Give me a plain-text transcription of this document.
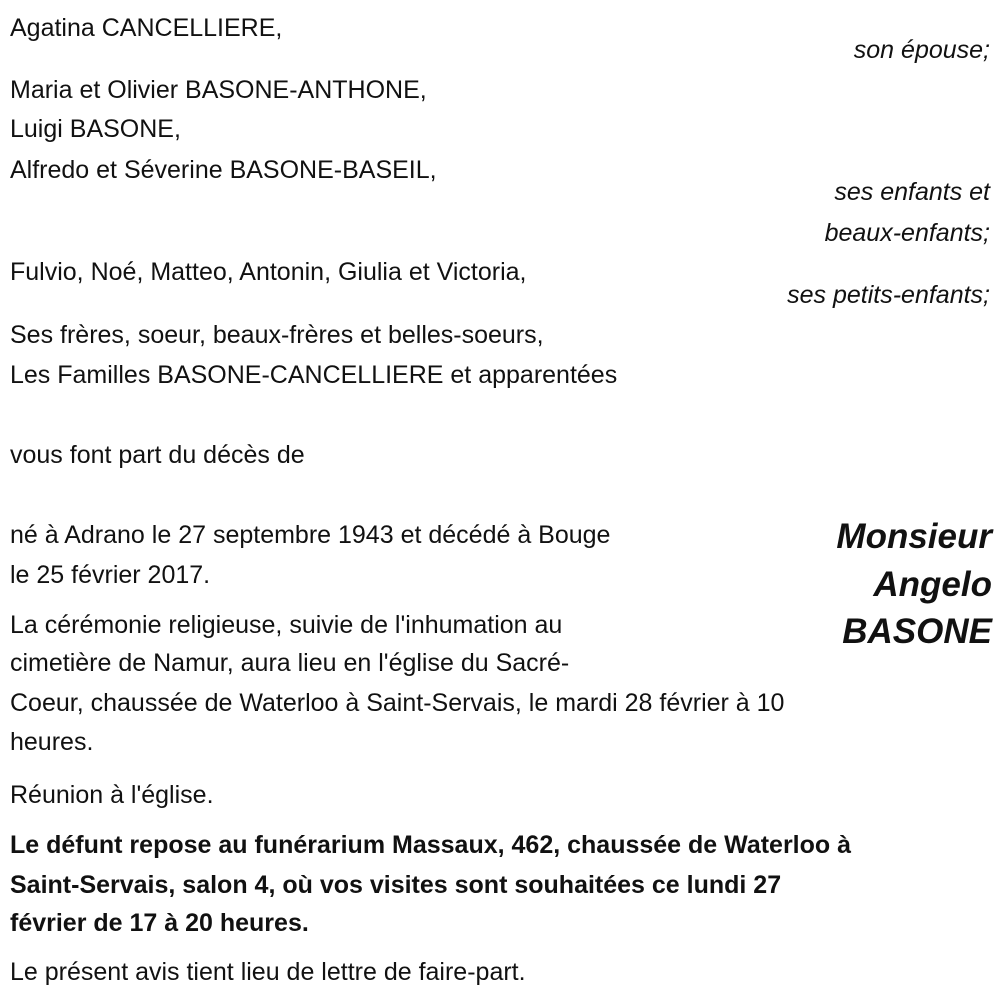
Agatina CANCELLIERE,
son épouse;
Maria et Olivier BASONE-ANTHONE,
Luigi BASONE,
Alfredo et Séverine BASONE-BASEIL,
ses enfants et
beaux-enfants;
Fulvio, Noé, Matteo, Antonin, Giulia et Victoria,
ses petits-enfants;
Ses frères, soeur, beaux-frères et belles-soeurs,
Les Familles BASONE-CANCELLIERE et apparentées
vous font part du décès de
Monsieur
Angelo
BASONE
né à Adrano le 27 septembre 1943 et décédé à Bouge
le 25 février 2017.
La cérémonie religieuse, suivie de l'inhumation au
cimetière de Namur, aura lieu en l'église du Sacré-
Coeur, chaussée de Waterloo à Saint-Servais, le mardi 28 février à 10
heures.
Réunion à l'église.
Le défunt repose au funérarium Massaux, 462, chaussée de Waterloo à
Saint-Servais, salon 4, où vos visites sont souhaitées ce lundi 27
février de 17 à 20 heures.
Le présent avis tient lieu de lettre de faire-part.
